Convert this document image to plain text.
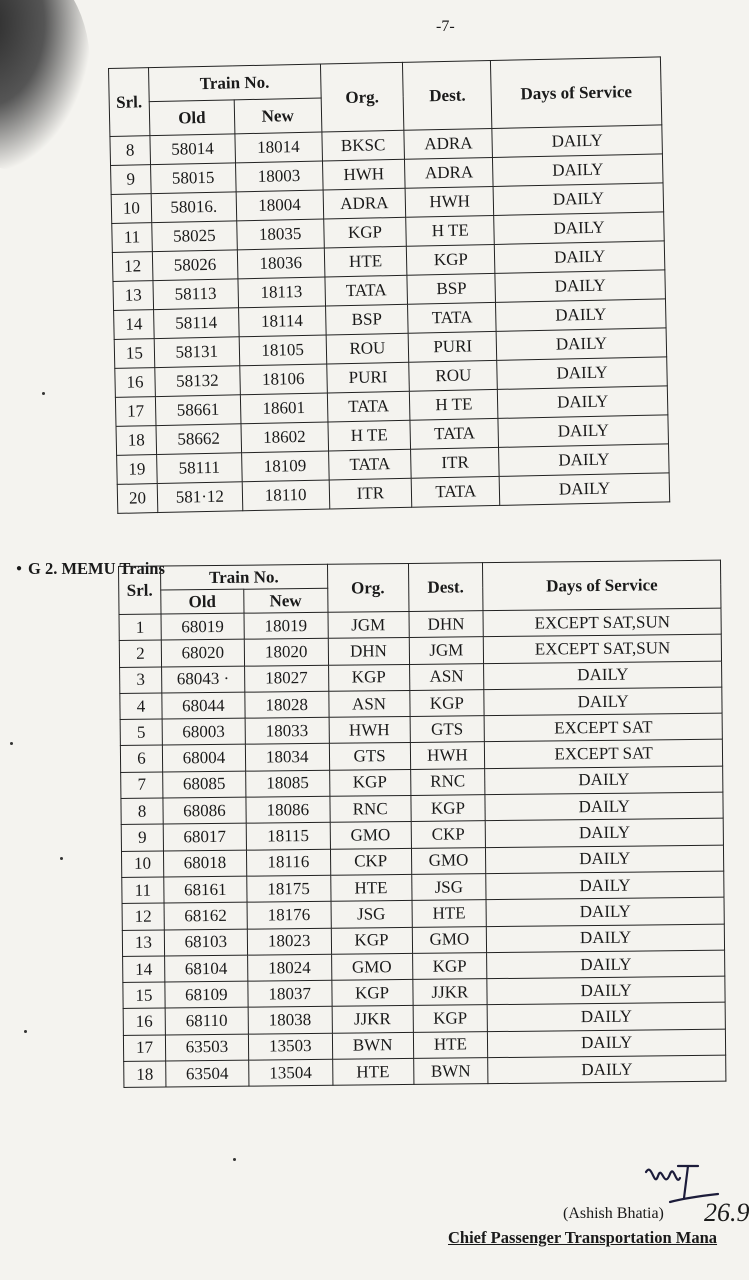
-7-
Srl.	Train No.		Org.	Dest.	Days of Service
	Old	New			
8	58014	18014	BKSC	ADRA	DAILY
9	58015	18003	HWH	ADRA	DAILY
10	58016.	18004	ADRA	HWH	DAILY
11	58025	18035	KGP	H TE	DAILY
12	58026	18036	HTE	KGP	DAILY
13	58113	18113	TATA	BSP	DAILY
14	58114	18114	BSP	TATA	DAILY
15	58131	18105	ROU	PURI	DAILY
16	58132	18106	PURI	ROU	DAILY
17	58661	18601	TATA	H TE	DAILY
18	58662	18602	H TE	TATA	DAILY
19	58111	18109	TATA	ITR	DAILY
20	581·12	18110	ITR	TATA	DAILY
● G 2. MEMU Trains
Srl.	Train No.		Org.	Dest.	Days of Service
	Old	New			
1	68019	18019	JGM	DHN	EXCEPT SAT,SUN
2	68020	18020	DHN	JGM	EXCEPT SAT,SUN
3	68043 ·	18027	KGP	ASN	DAILY
4	68044	18028	ASN	KGP	DAILY
5	68003	18033	HWH	GTS	EXCEPT SAT
6	68004	18034	GTS	HWH	EXCEPT SAT
7	68085	18085	KGP	RNC	DAILY
8	68086	18086	RNC	KGP	DAILY
9	68017	18115	GMO	CKP	DAILY
10	68018	18116	CKP	GMO	DAILY
11	68161	18175	HTE	JSG	DAILY
12	68162	18176	JSG	HTE	DAILY
13	68103	18023	KGP	GMO	DAILY
14	68104	18024	GMO	KGP	DAILY
15	68109	18037	KGP	JJKR	DAILY
16	68110	18038	JJKR	KGP	DAILY
17	63503	13503	BWN	HTE	DAILY
18	63504	13504	HTE	BWN	DAILY
(Ashish Bhatia) 26.9
Chief Passenger Transportation Mana
